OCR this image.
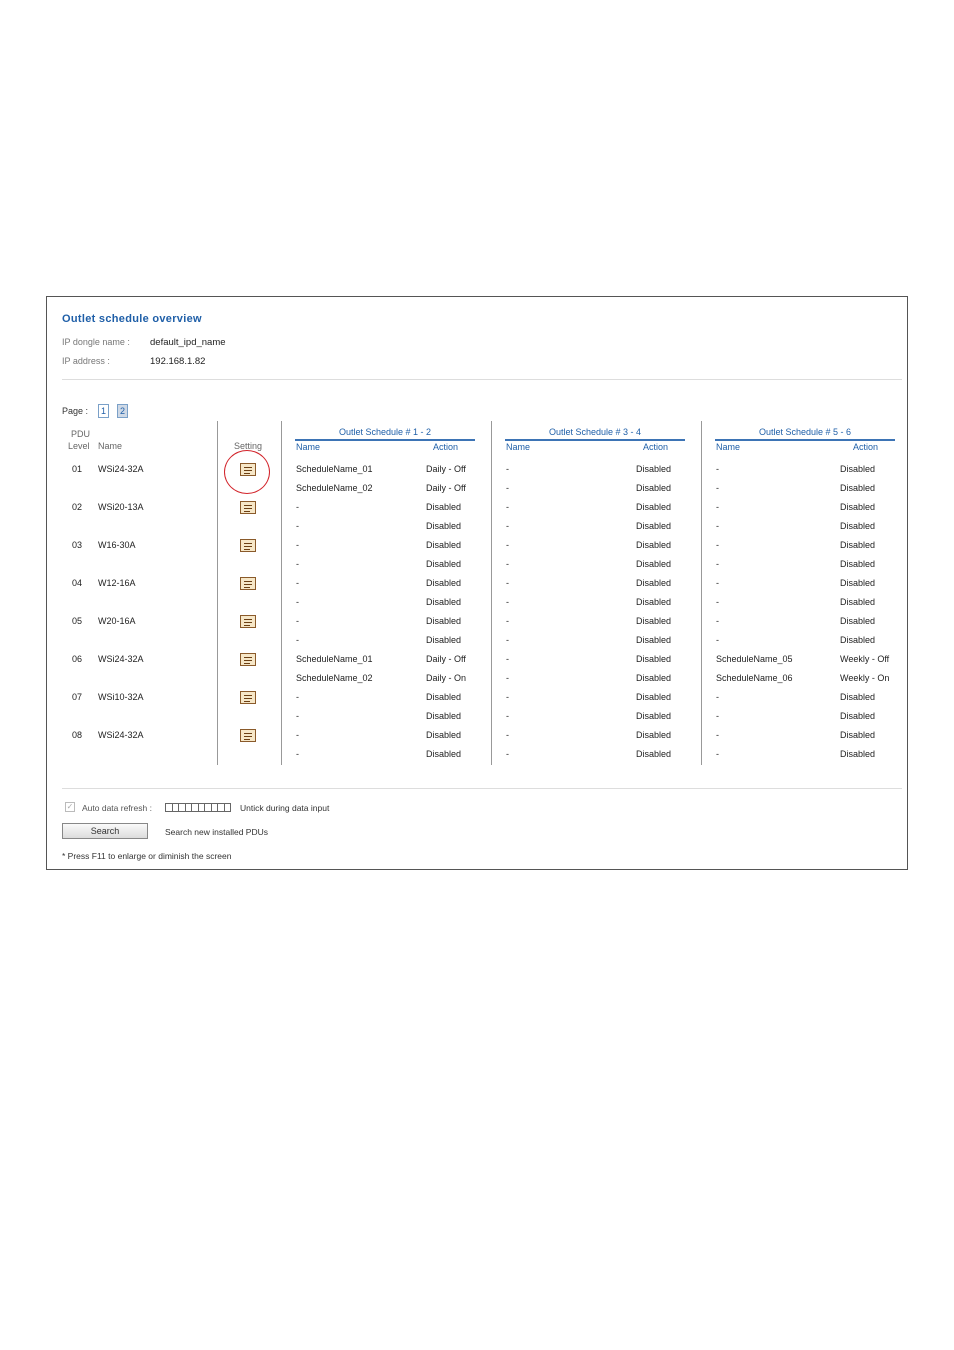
Outlet schedule overview
IP dongle name : default_ipd_name
IP address :	192.168.1.82
Page :	1	2
PDU
Level Name	Setting
Outlet Schedule # 1 - 2	Outlet Schedule # 3 - 4	Outlet Schedule # 5 - 6
Name	Action	Name	Action	Name	Action
01 WSi24-32A	ScheduleName_01	Daily - Off	-	Disabled	-	Disabled
ScheduleName_02	Daily - Off	-	Disabled	-	Disabled
02 WSi20-13A	-	Disabled	-	Disabled	-	Disabled
-	Disabled	-	Disabled	-	Disabled
03 W16-30A	-	Disabled	-	Disabled	-	Disabled
-	Disabled	-	Disabled	-	Disabled
04 W12-16A	-	Disabled	-	Disabled	-	Disabled
-	Disabled	-	Disabled	-	Disabled
05 W20-16A	-	Disabled	-	Disabled	-	Disabled
-	Disabled	-	Disabled	-	Disabled
06 WSi24-32A	ScheduleName_01	Daily - Off	-	Disabled	ScheduleName_05	Weekly - Off
ScheduleName_02	Daily - On	-	Disabled	ScheduleName_06	Weekly - On
07 WSi10-32A	-	Disabled	-	Disabled	-	Disabled
-	Disabled	-	Disabled	-	Disabled
08 WSi24-32A	-	Disabled	-	Disabled	-	Disabled
-	Disabled	-	Disabled	-	Disabled
✓ Auto data refresh :	Untick during data input
Search	Search new installed PDUs
* Press F11 to enlarge or diminish the screen
